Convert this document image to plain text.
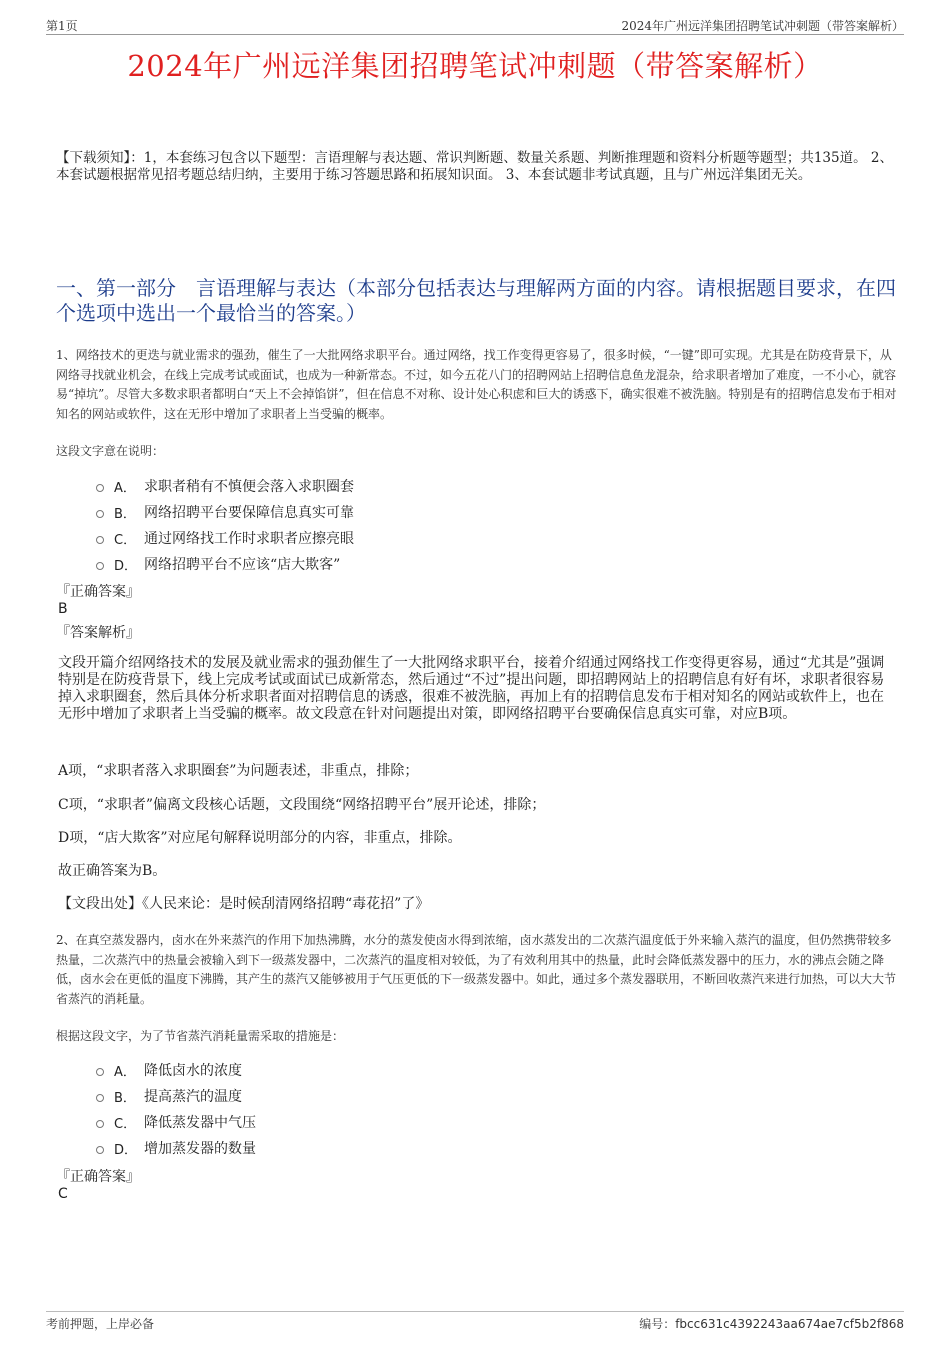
第1页	2024年广州远洋集团招聘笔试冲刺题（带答案解析）
2024年广州远洋集团招聘笔试冲刺题（带答案解析）
【下载须知】：1，本套练习包含以下题型：言语理解与表达题、常识判断题、数量关系题、判断推理题和资料分析题等题型；共135道。 2、本套试题根据常见招考题总结归纳，主要用于练习答题思路和拓展知识面。 3、本套试题非考试真题，且与广州远洋集团无关。
一、第一部分　言语理解与表达（本部分包括表达与理解两方面的内容。请根据题目要求，在四个选项中选出一个最恰当的答案。）
1、网络技术的更迭与就业需求的强劲，催生了一大批网络求职平台。通过网络，找工作变得更容易了，很多时候，“一键”即可实现。尤其是在防疫背景下，从网络寻找就业机会，在线上完成考试或面试，也成为一种新常态。不过，如今五花八门的招聘网站上招聘信息鱼龙混杂，给求职者增加了难度，一不小心，就容易“掉坑”。尽管大多数求职者都明白“天上不会掉馅饼”，但在信息不对称、设计处心积虑和巨大的诱惑下，确实很难不被洗脑。特别是有的招聘信息发布于相对知名的网站或软件，这在无形中增加了求职者上当受骗的概率。
这段文字意在说明：
A． 求职者稍有不慎便会落入求职圈套
B． 网络招聘平台要保障信息真实可靠
C． 通过网络找工作时求职者应擦亮眼
D． 网络招聘平台不应该“店大欺客”
『正确答案』
B
『答案解析』
文段开篇介绍网络技术的发展及就业需求的强劲催生了一大批网络求职平台，接着介绍通过网络找工作变得更容易，通过“尤其是”强调特别是在防疫背景下，线上完成考试或面试已成新常态，然后通过“不过”提出问题，即招聘网站上的招聘信息有好有坏，求职者很容易掉入求职圈套，然后具体分析求职者面对招聘信息的诱惑，很难不被洗脑，再加上有的招聘信息发布于相对知名的网站或软件上，也在无形中增加了求职者上当受骗的概率。故文段意在针对问题提出对策，即网络招聘平台要确保信息真实可靠，对应B项。
A项，“求职者落入求职圈套”为问题表述，非重点，排除；
C项，“求职者”偏离文段核心话题，文段围绕“网络招聘平台”展开论述，排除；
D项，“店大欺客”对应尾句解释说明部分的内容，非重点，排除。
故正确答案为B。
【文段出处】《人民来论：是时候刮清网络招聘“毒花招”了》
2、在真空蒸发器内，卤水在外来蒸汽的作用下加热沸腾，水分的蒸发使卤水得到浓缩，卤水蒸发出的二次蒸汽温度低于外来输入蒸汽的温度，但仍然携带较多热量，二次蒸汽中的热量会被输入到下一级蒸发器中，二次蒸汽的温度相对较低，为了有效利用其中的热量，此时会降低蒸发器中的压力，水的沸点会随之降低，卤水会在更低的温度下沸腾，其产生的蒸汽又能够被用于气压更低的下一级蒸发器中。如此，通过多个蒸发器联用，不断回收蒸汽来进行加热，可以大大节省蒸汽的消耗量。
根据这段文字，为了节省蒸汽消耗量需采取的措施是：
A． 降低卤水的浓度
B． 提高蒸汽的温度
C． 降低蒸发器中气压
D． 增加蒸发器的数量
『正确答案』
C
考前押题，上岸必备	编号：fbcc631c4392243aa674ae7cf5b2f868
